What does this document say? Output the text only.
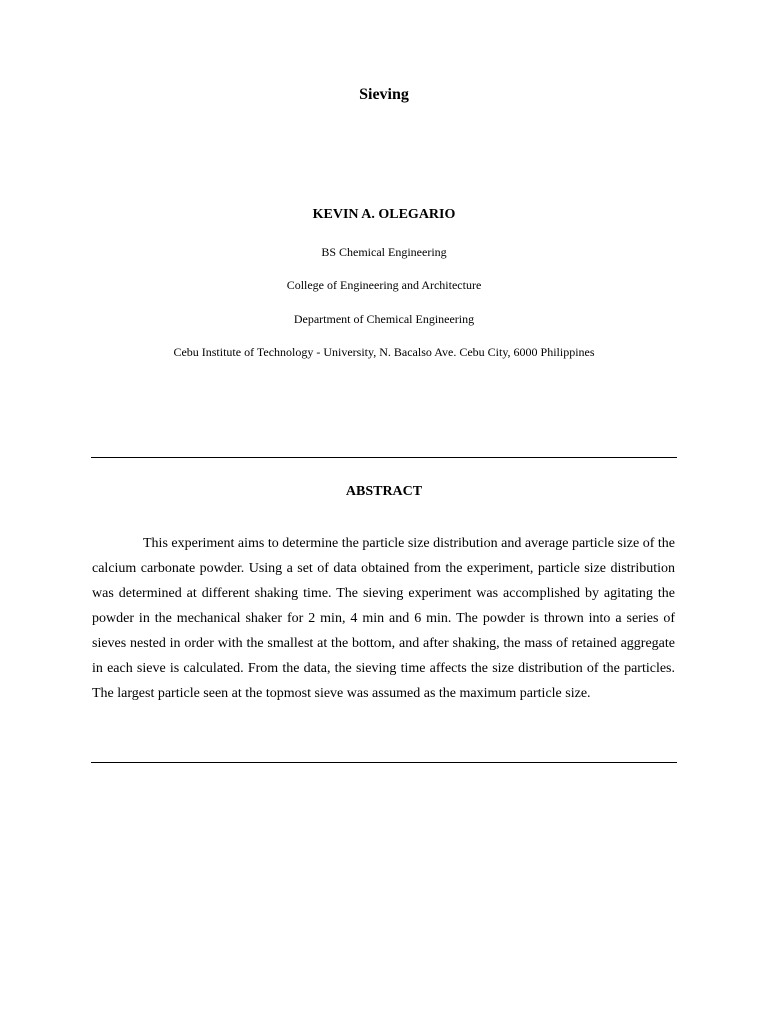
Sieving
KEVIN A. OLEGARIO
BS Chemical Engineering
College of Engineering and Architecture
Department of Chemical Engineering
Cebu Institute of Technology - University, N. Bacalso Ave. Cebu City, 6000 Philippines
ABSTRACT

This experiment aims to determine the particle size distribution and average particle size of the calcium carbonate powder. Using a set of data obtained from the experiment, particle size distribution was determined at different shaking time. The sieving experiment was accomplished by agitating the powder in the mechanical shaker for 2 min, 4 min and 6 min. The powder is thrown into a series of sieves nested in order with the smallest at the bottom, and after shaking, the mass of retained aggregate in each sieve is calculated. From the data, the sieving time affects the size distribution of the particles. The largest particle seen at the topmost sieve was assumed as the maximum particle size.
